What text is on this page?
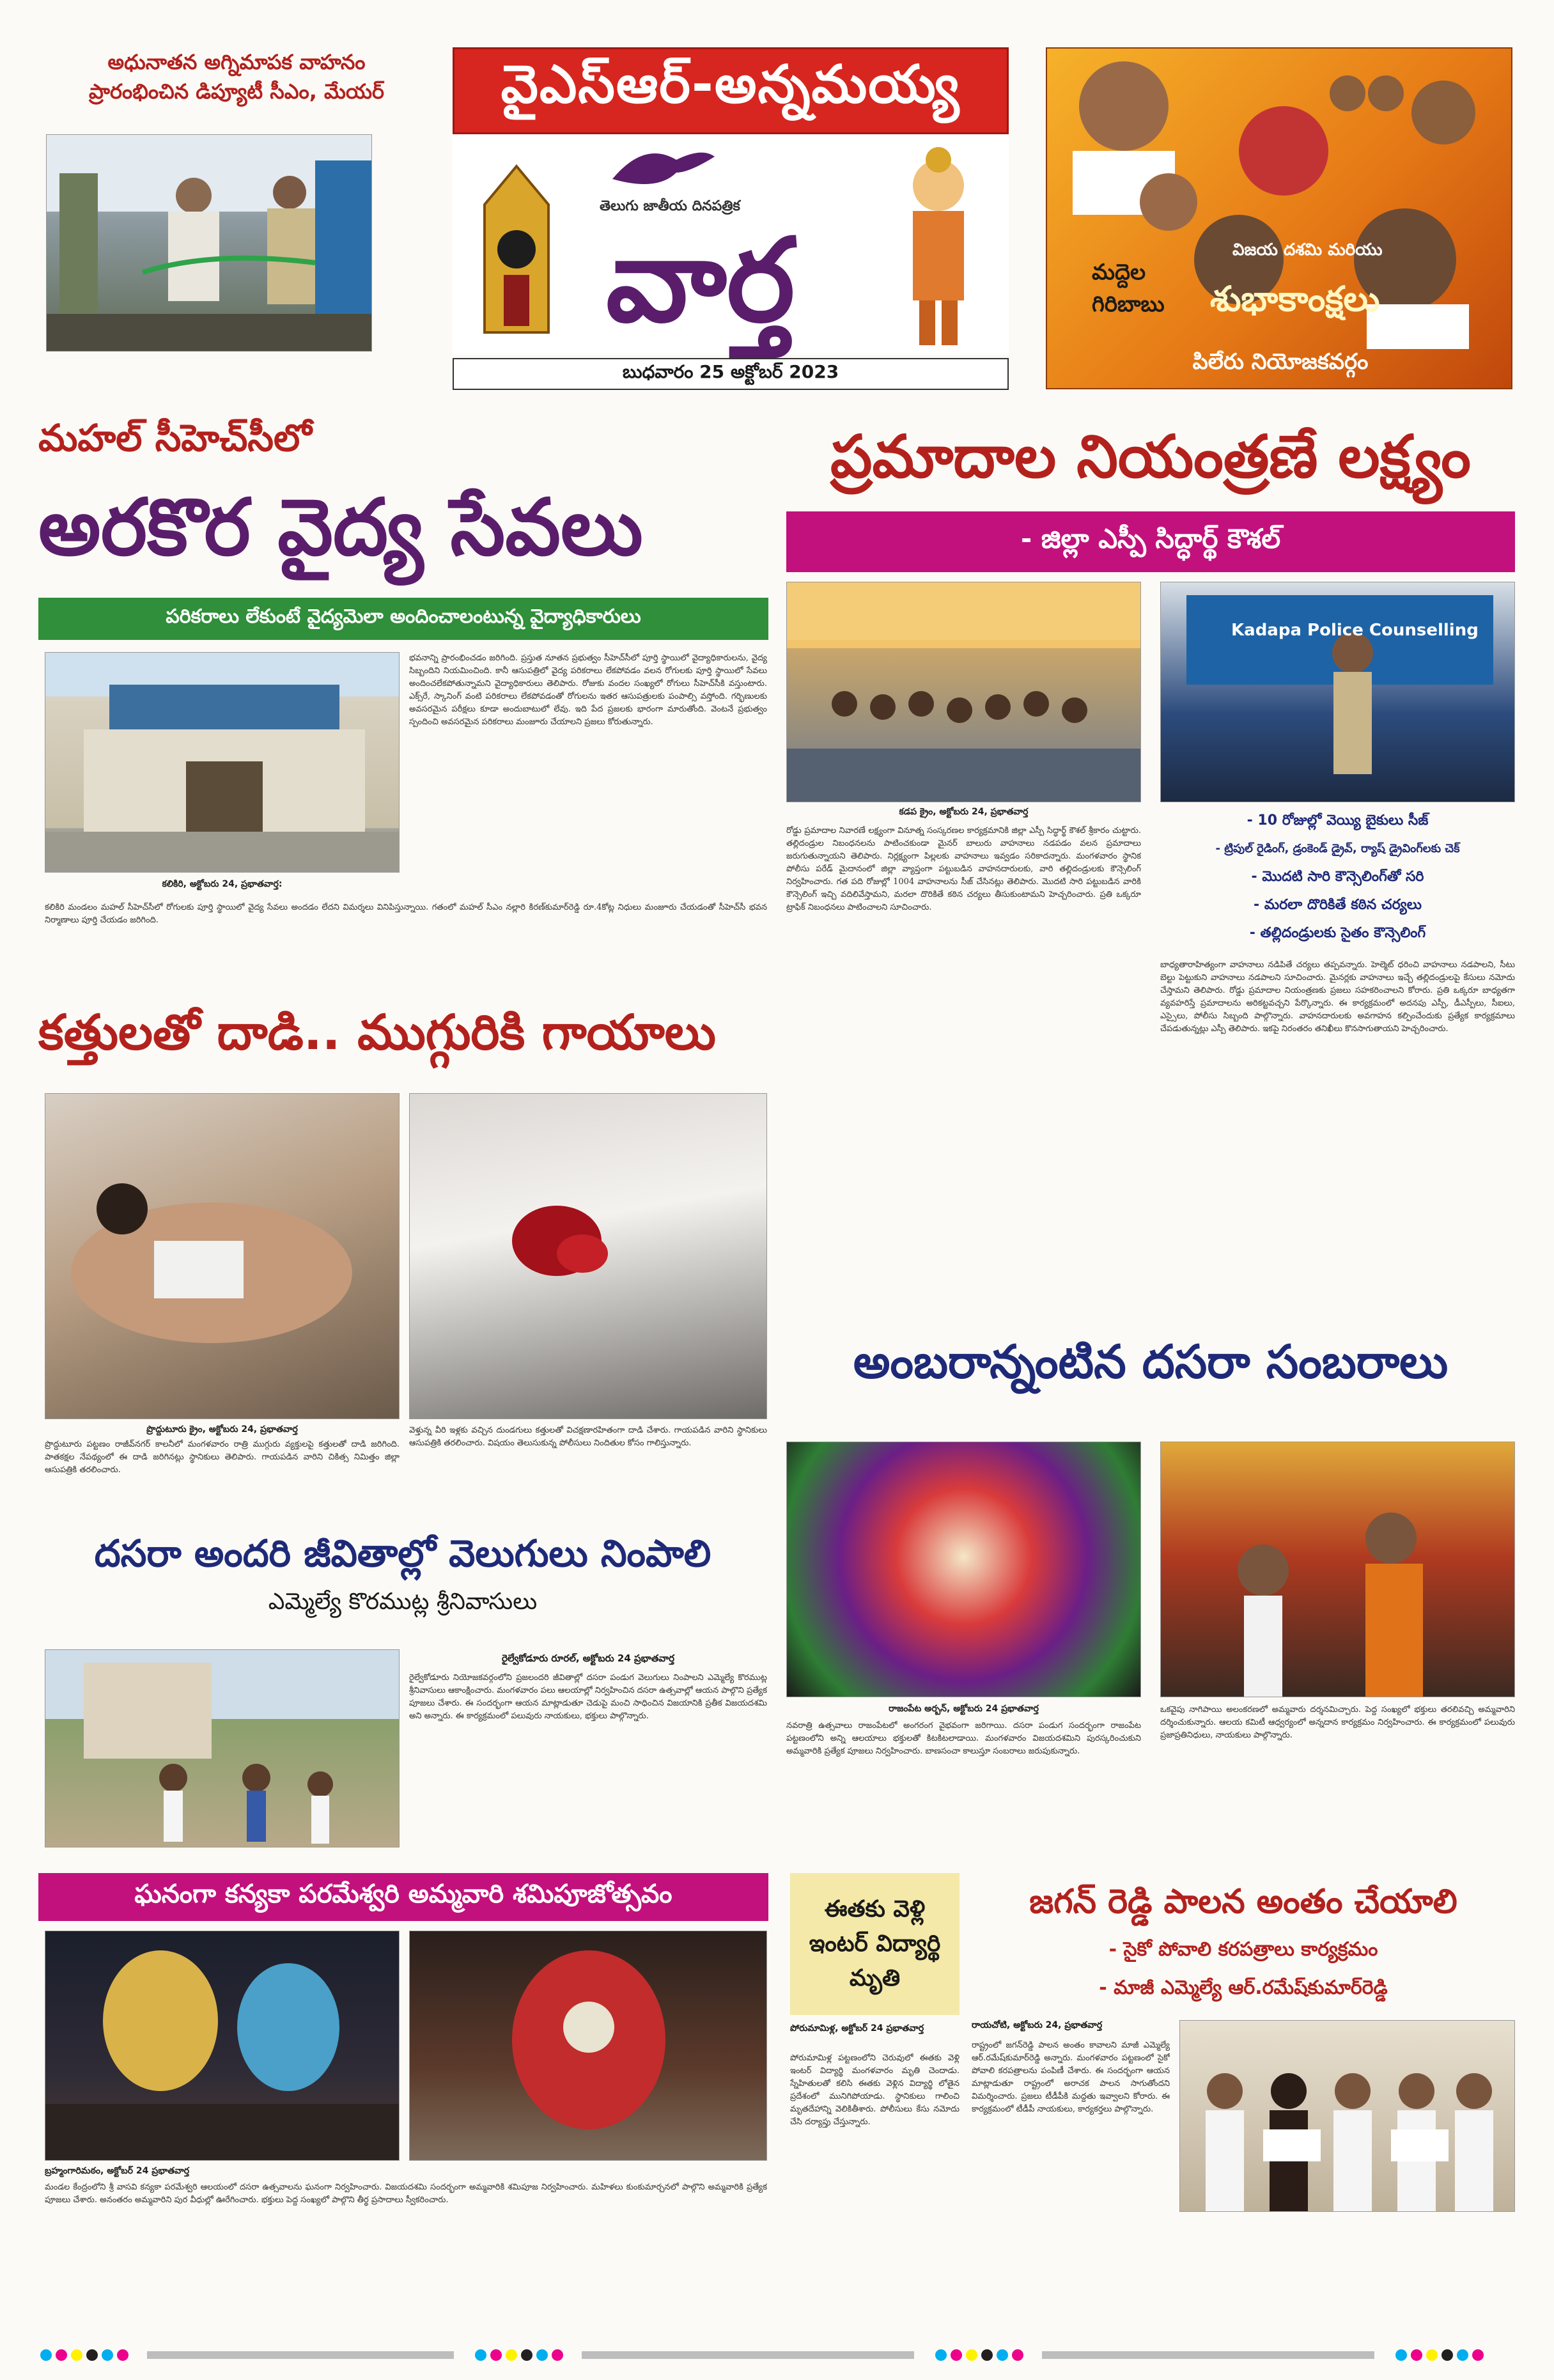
అధునాతన అగ్నిమాపక వాహనం
ప్రారంభించిన డిప్యూటీ సీఎం, మేయర్	వైఎస్ఆర్-అన్నమయ్య
తెలుగు జాతీయ దినపత్రిక
వార్త
బుధవారం 25 అక్టోబర్ 2023
మద్దెల
గిరిబాబు
విజయ దశమి మరియు
శుభాకాంక్షలు
పిలేరు నియోజకవర్గం
మహల్ సీహెచ్‌సీలో
అరకొర వైద్య సేవలు
పరికరాలు లేకుంటే వైద్యమెలా అందించాలంటున్న వైద్యాధికారులు
కలికిరి, అక్టోబరు 24, ప్రభాతవార్త:
భవనాన్ని ప్రారంభించడం జరిగింది. ప్రస్తుత నూతన ప్రభుత్వం సీహెచ్‌సీలో పూర్తి స్థాయిలో వైద్యాధికారులను, వైద్య సిబ్బందిని నియమించింది. కానీ ఆసుపత్రిలో వైద్య పరికరాలు లేకపోవడం వలన రోగులకు పూర్తి స్థాయిలో సేవలు అందించలేకపోతున్నామని వైద్యాధికారులు తెలిపారు. రోజుకు వందల సంఖ్యలో రోగులు సీహెచ్‌సీకి వస్తుంటారు. ఎక్స్‌రే, స్కానింగ్ వంటి పరికరాలు లేకపోవడంతో రోగులను ఇతర ఆసుపత్రులకు పంపాల్సి వస్తోంది. గర్భిణులకు అవసరమైన పరీక్షలు కూడా అందుబాటులో లేవు. ఇది పేద ప్రజలకు భారంగా మారుతోంది. వెంటనే ప్రభుత్వం స్పందించి అవసరమైన పరికరాలు మంజూరు చేయాలని ప్రజలు కోరుతున్నారు.
కలికిరి మండలం మహల్ సీహెచ్‌సీలో రోగులకు పూర్తి స్థాయిలో వైద్య సేవలు అందడం లేదని విమర్శలు వినిపిస్తున్నాయి. గతంలో మహల్ సీఎం నల్లారి కిరణ్‌కుమార్‌రెడ్డి రూ.4కోట్ల నిధులు మంజూరు చేయడంతో సీహెచ్‌సీ భవన నిర్మాణాలు పూర్తి చేయడం జరిగింది.
కత్తులతో దాడి.. ముగ్గురికి గాయాలు
ప్రొద్దుటూరు క్రైం, అక్టోబరు 24, ప్రభాతవార్త
ప్రొద్దుటూరు పట్టణం రాజీవ్‌నగర్ కాలనీలో మంగళవారం రాత్రి ముగ్గురు వ్యక్తులపై కత్తులతో దాడి జరిగింది. పాతకక్షల నేపథ్యంలో ఈ దాడి జరిగినట్లు స్థానికులు తెలిపారు. గాయపడిన వారిని చికిత్స నిమిత్తం జిల్లా ఆసుపత్రికి తరలించారు.
వెళ్తున్న వీరి ఇళ్లకు వచ్చిన దుండగులు కత్తులతో విచక్షణారహితంగా దాడి చేశారు. గాయపడిన వారిని స్థానికులు ఆసుపత్రికి తరలించారు. విషయం తెలుసుకున్న పోలీసులు నిందితుల కోసం గాలిస్తున్నారు.
దసరా అందరి జీవితాల్లో వెలుగులు నింపాలి
ఎమ్మెల్యే కొరముట్ల శ్రీనివాసులు
రైల్వేకోడూరు రూరల్, అక్టోబరు 24 ప్రభాతవార్త
రైల్వేకోడూరు నియోజకవర్గంలోని ప్రజలందరి జీవితాల్లో దసరా పండుగ వెలుగులు నింపాలని ఎమ్మెల్యే కొరముట్ల శ్రీనివాసులు ఆకాంక్షించారు. మంగళవారం పలు ఆలయాల్లో నిర్వహించిన దసరా ఉత్సవాల్లో ఆయన పాల్గొని ప్రత్యేక పూజలు చేశారు. ఈ సందర్భంగా ఆయన మాట్లాడుతూ చెడుపై మంచి సాధించిన విజయానికి ప్రతీక విజయదశమి అని అన్నారు. ఈ కార్యక్రమంలో పలువురు నాయకులు, భక్తులు పాల్గొన్నారు.
ఘనంగా కన్యకా పరమేశ్వరి అమ్మవారి శమిపూజోత్సవం
బ్రహ్మంగారిమఠం, అక్టోబర్ 24 ప్రభాతవార్త
మండల కేంద్రంలోని శ్రీ వాసవి కన్యకా పరమేశ్వరి ఆలయంలో దసరా ఉత్సవాలను ఘనంగా నిర్వహించారు. విజయదశమి సందర్భంగా అమ్మవారికి శమిపూజ నిర్వహించారు. మహిళలు కుంకుమార్చనలో పాల్గొని అమ్మవారికి ప్రత్యేక పూజలు చేశారు. అనంతరం అమ్మవారిని పుర వీధుల్లో ఊరేగించారు. భక్తులు పెద్ద సంఖ్యలో పాల్గొని తీర్థ ప్రసాదాలు స్వీకరించారు.
ప్రమాదాల నియంత్రణే లక్ష్యం
- జిల్లా ఎస్పీ సిద్ధార్థ్ కౌశల్
Kadapa Police Counselling
కడప క్రైం, అక్టోబరు 24, ప్రభాతవార్త
- 10 రోజుల్లో వెయ్యి బైకులు సీజ్
- ట్రిపుల్ రైడింగ్, డ్రంకెండ్ డ్రైవ్, ర్యాష్ డ్రైవింగ్‌లకు చెక్
- మొదటి సారి కౌన్సెలింగ్‌తో సరి
- మరలా దొరికితే కఠిన చర్యలు
- తల్లిదండ్రులకు సైతం కౌన్సెలింగ్
రోడ్డు ప్రమాదాల నివారణే లక్ష్యంగా వినూత్న సంస్కరణల కార్యక్రమానికి జిల్లా ఎస్పీ సిద్ధార్థ్ కౌశల్ శ్రీకారం చుట్టారు. తల్లిదండ్రుల నిబంధనలను పాటించకుండా మైనర్ బాలురు వాహనాలు నడపడం వలన ప్రమాదాలు జరుగుతున్నాయని తెలిపారు. నిర్లక్ష్యంగా పిల్లలకు వాహనాలు ఇవ్వడం సరికాదన్నారు. మంగళవారం స్థానిక పోలీసు పరేడ్ మైదానంలో జిల్లా వ్యాప్తంగా పట్టుబడిన వాహనదారులకు, వారి తల్లిదండ్రులకు కౌన్సెలింగ్ నిర్వహించారు. గత పది రోజుల్లో 1004 వాహనాలను సీజ్ చేసినట్లు తెలిపారు. మొదటి సారి పట్టుబడిన వారికి కౌన్సెలింగ్ ఇచ్చి వదిలివేస్తామని, మరలా దొరికితే కఠిన చర్యలు తీసుకుంటామని హెచ్చరించారు. ప్రతి ఒక్కరూ ట్రాఫిక్ నిబంధనలు పాటించాలని సూచించారు.
బాధ్యతారాహిత్యంగా వాహనాలు నడిపితే చర్యలు తప్పవన్నారు. హెల్మెట్ ధరించి వాహనాలు నడపాలని, సీటు బెల్టు పెట్టుకుని వాహనాలు నడపాలని సూచించారు. మైనర్లకు వాహనాలు ఇచ్చే తల్లిదండ్రులపై కేసులు నమోదు చేస్తామని తెలిపారు. రోడ్డు ప్రమాదాల నియంత్రణకు ప్రజలు సహకరించాలని కోరారు. ప్రతి ఒక్కరూ బాధ్యతగా వ్యవహరిస్తే ప్రమాదాలను అరికట్టవచ్చని పేర్కొన్నారు. ఈ కార్యక్రమంలో అదనపు ఎస్పీ, డీఎస్పీలు, సీఐలు, ఎస్సైలు, పోలీసు సిబ్బంది పాల్గొన్నారు. వాహనదారులకు అవగాహన కల్పించేందుకు ప్రత్యేక కార్యక్రమాలు చేపడుతున్నట్లు ఎస్పీ తెలిపారు. ఇకపై నిరంతరం తనిఖీలు కొనసాగుతాయని హెచ్చరించారు.
అంబరాన్నంటిన దసరా సంబరాలు
రాజంపేట అర్బన్, అక్టోబరు 24 ప్రభాతవార్త
నవరాత్రి ఉత్సవాలు రాజంపేటలో అంగరంగ వైభవంగా జరిగాయి. దసరా పండుగ సందర్భంగా రాజంపేట పట్టణంలోని అన్ని ఆలయాలు భక్తులతో కిటకిటలాడాయి. మంగళవారం విజయదశమిని పురస్కరించుకుని అమ్మవారికి ప్రత్యేక పూజలు నిర్వహించారు. బాణసంచా కాలుస్తూ సంబరాలు జరుపుకున్నారు.
ఒకవైపు నాగిపాయి అలంకరణలో అమ్మవారు దర్శనమిచ్చారు. పెద్ద సంఖ్యలో భక్తులు తరలివచ్చి అమ్మవారిని దర్శించుకున్నారు. ఆలయ కమిటీ ఆధ్వర్యంలో అన్నదాన కార్యక్రమం నిర్వహించారు. ఈ కార్యక్రమంలో పలువురు ప్రజాప్రతినిధులు, నాయకులు పాల్గొన్నారు.
ఈతకు వెళ్లి ఇంటర్ విద్యార్థి మృతి
పోరుమామిళ్ల, అక్టోబర్ 24 ప్రభాతవార్త
పోరుమామిళ్ల పట్టణంలోని చెరువులో ఈతకు వెళ్లి ఇంటర్ విద్యార్థి మంగళవారం మృతి చెందాడు. స్నేహితులతో కలిసి ఈతకు వెళ్లిన విద్యార్థి లోతైన ప్రదేశంలో మునిగిపోయాడు. స్థానికులు గాలించి మృతదేహాన్ని వెలికితీశారు. పోలీసులు కేసు నమోదు చేసి దర్యాప్తు చేస్తున్నారు.
జగన్ రెడ్డి పాలన అంతం చేయాలి
- సైకో పోవాలి కరపత్రాలు కార్యక్రమం
- మాజీ ఎమ్మెల్యే ఆర్.రమేష్‌కుమార్‌రెడ్డి
రాయచోటి, అక్టోబరు 24, ప్రభాతవార్త
రాష్ట్రంలో జగన్‌రెడ్డి పాలన అంతం కావాలని మాజీ ఎమ్మెల్యే ఆర్.రమేష్‌కుమార్‌రెడ్డి అన్నారు. మంగళవారం పట్టణంలో సైకో పోవాలి కరపత్రాలను పంపిణీ చేశారు. ఈ సందర్భంగా ఆయన మాట్లాడుతూ రాష్ట్రంలో అరాచక పాలన సాగుతోందని విమర్శించారు. ప్రజలు టీడీపీకి మద్దతు ఇవ్వాలని కోరారు. ఈ కార్యక్రమంలో టీడీపీ నాయకులు, కార్యకర్తలు పాల్గొన్నారు.
